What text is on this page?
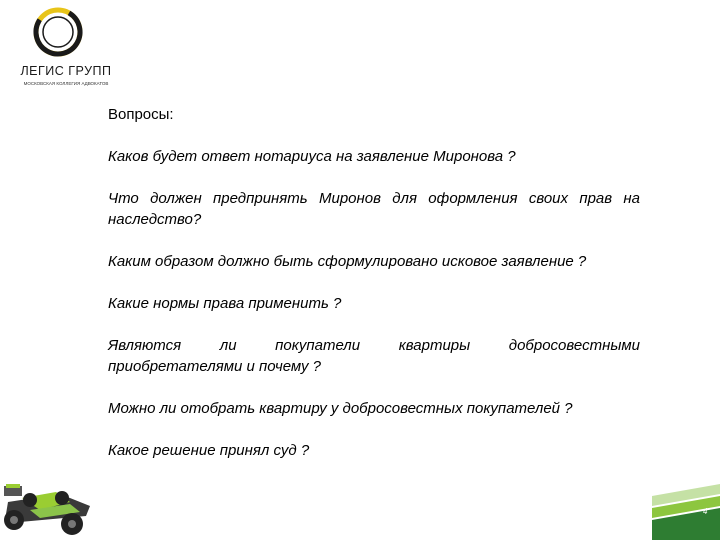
ЛЕГИС ГРУПП
МОСКОВСКАЯ КОЛЛЕГИЯ АДВОКАТОВ

Вопросы:

Каков будет ответ нотариуса на заявление Миронова ?

Что должен предпринять Миронов для оформления своих прав на наследство?

Каким образом должно быть сформулировано исковое заявление ?

Какие нормы права применить ?

Являются ли покупатели квартиры добросовестными приобретателями и почему ?

Можно ли отобрать квартиру у добросовестных покупателей ?

Какое решение принял суд ?

4
